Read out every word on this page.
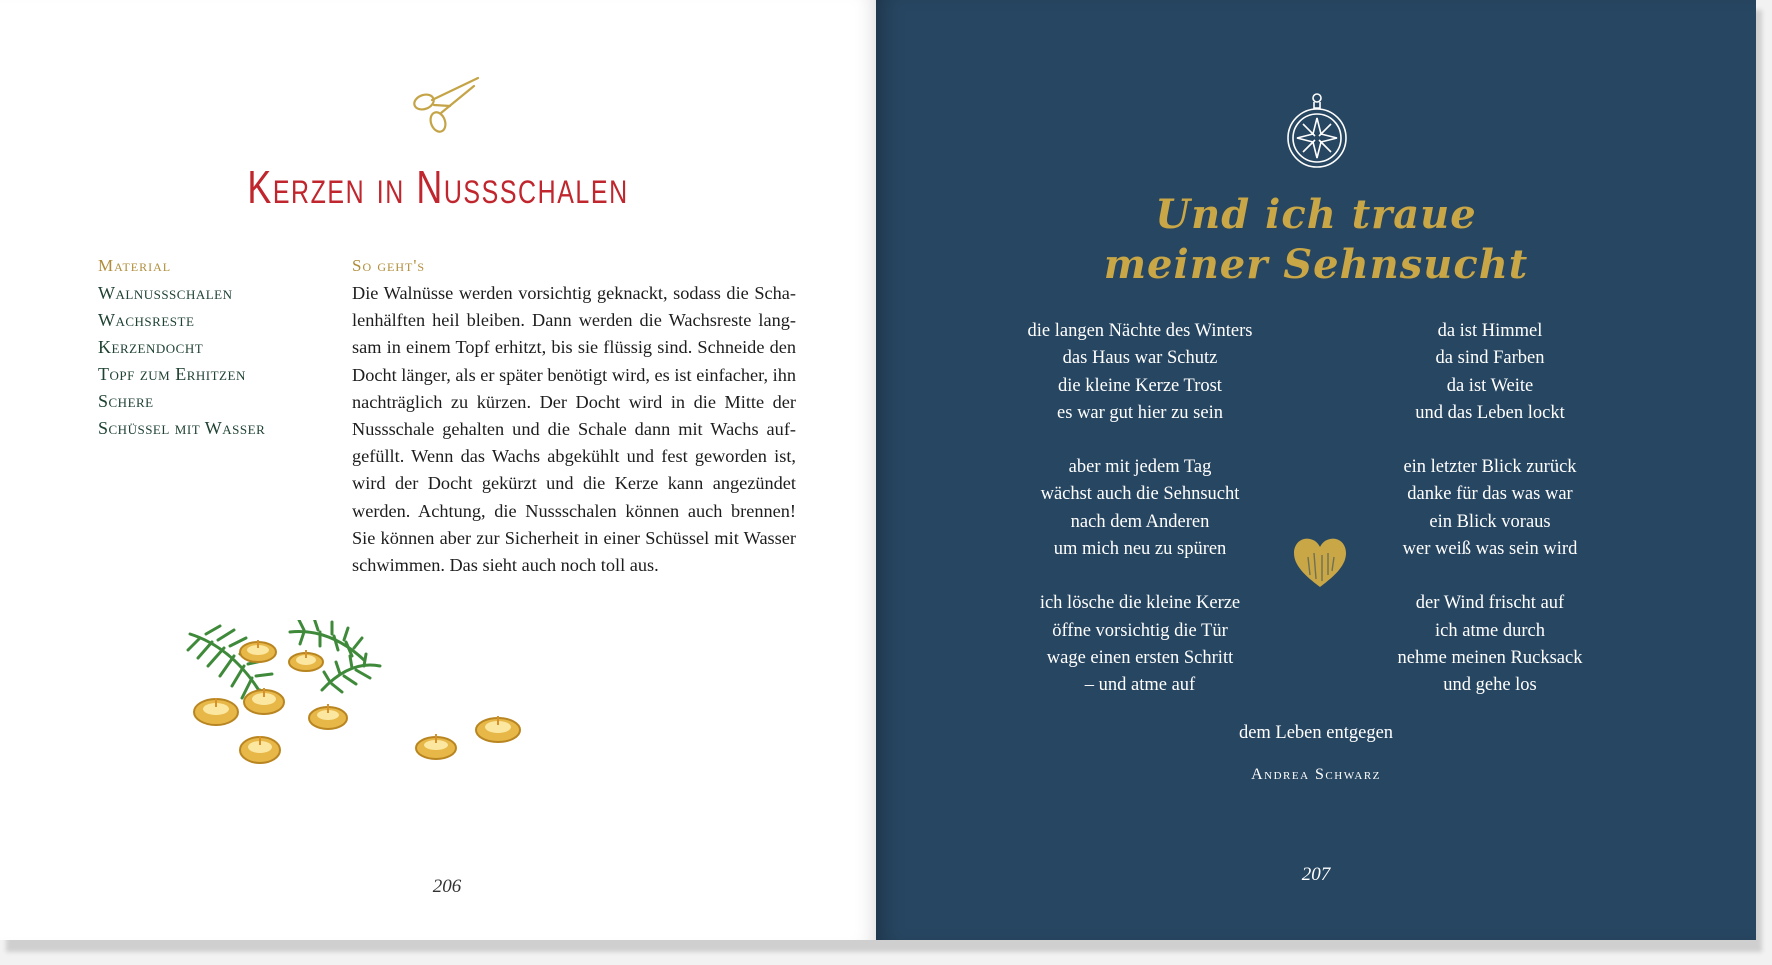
Kerzen in Nussschalen
Material
Walnussschalen
Wachsreste
Kerzendocht
Topf zum Erhitzen
Schere
Schüssel mit Wasser
So geht's
Die Walnüsse werden vorsichtig geknackt, sodass die Scha-lenhälften heil bleiben. Dann werden die Wachsreste lang-sam in einem Topf erhitzt, bis sie flüssig sind. Schneide den Docht länger, als er später benötigt wird, es ist einfacher, ihn nachträglich zu kürzen. Der Docht wird in die Mitte der Nussschale gehalten und die Schale dann mit Wachs auf-gefüllt. Wenn das Wachs abgekühlt und fest geworden ist, wird der Docht gekürzt und die Kerze kann angezündet werden. Achtung, die Nussschalen können auch brennen! Sie können aber zur Sicherheit in einer Schüssel mit Wasser schwimmen. Das sieht auch noch toll aus.
206
Und ich traue
meiner Sehnsucht
die langen Nächte des Winters
das Haus war Schutz
die kleine Kerze Trost
es war gut hier zu sein
aber mit jedem Tag
wächst auch die Sehnsucht
nach dem Anderen
um mich neu zu spüren
ich lösche die kleine Kerze
öffne vorsichtig die Tür
wage einen ersten Schritt
– und atme auf
da ist Himmel
da sind Farben
da ist Weite
und das Leben lockt
ein letzter Blick zurück
danke für das was war
ein Blick voraus
wer weiß was sein wird
der Wind frischt auf
ich atme durch
nehme meinen Rucksack
und gehe los
dem Leben entgegen
Andrea Schwarz
207
